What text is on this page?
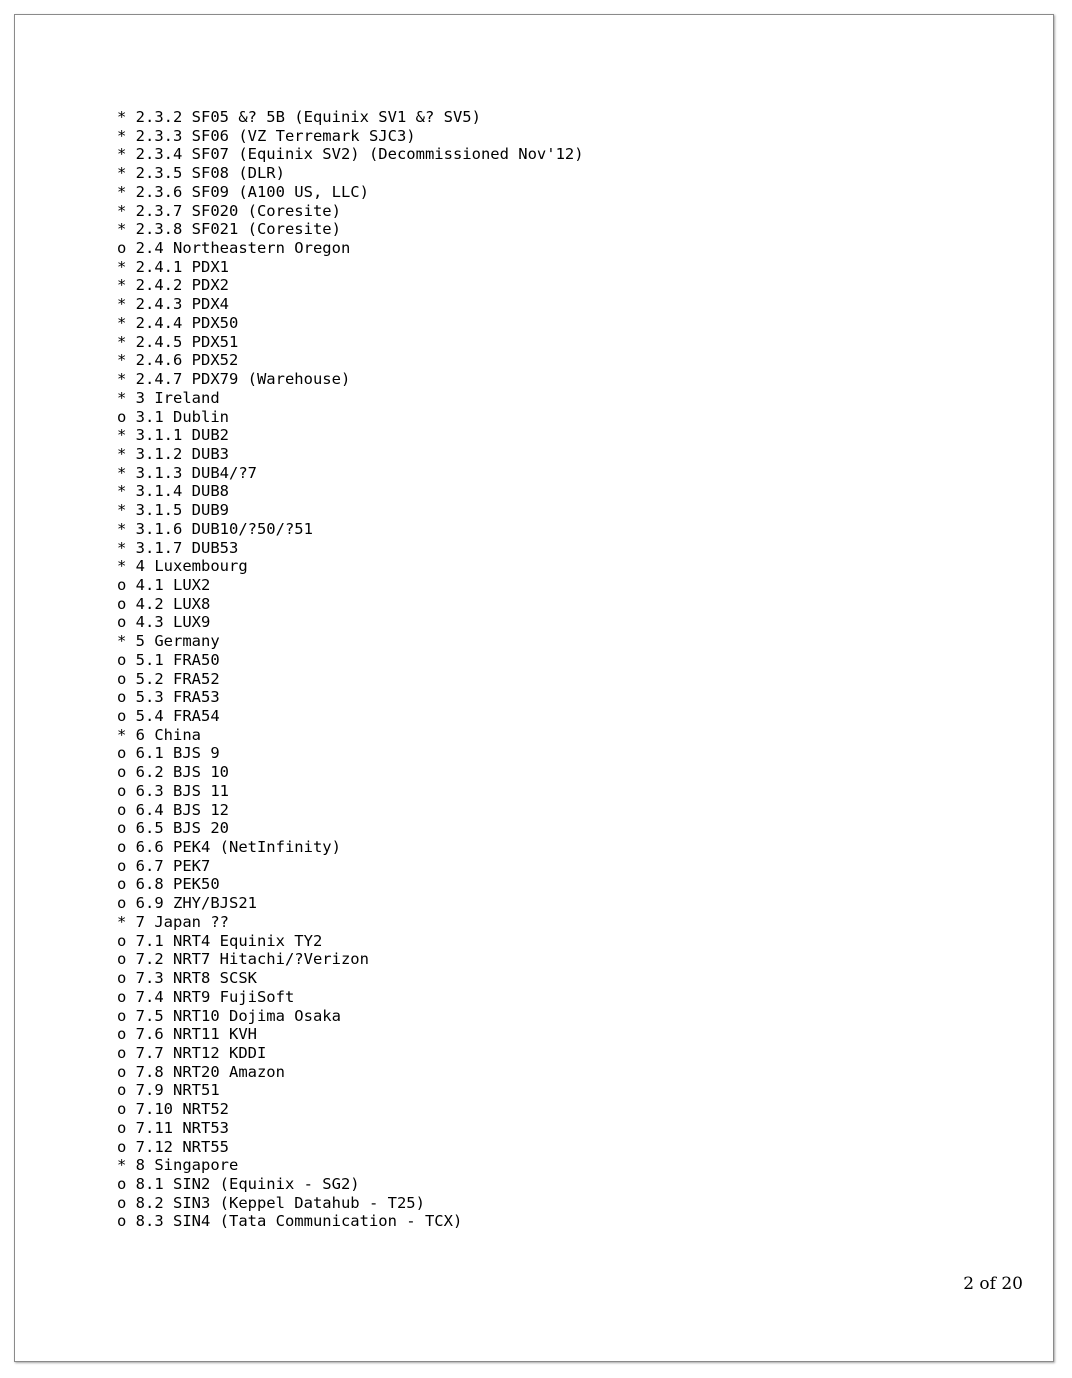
* 2.3.2 SF05 &? 5B (Equinix SV1 &? SV5)
* 2.3.3 SF06 (VZ Terremark SJC3)
* 2.3.4 SF07 (Equinix SV2) (Decommissioned Nov'12)
* 2.3.5 SF08 (DLR)
* 2.3.6 SF09 (A100 US, LLC)
* 2.3.7 SF020 (Coresite)
* 2.3.8 SF021 (Coresite)
o 2.4 Northeastern Oregon
* 2.4.1 PDX1
* 2.4.2 PDX2
* 2.4.3 PDX4
* 2.4.4 PDX50
* 2.4.5 PDX51
* 2.4.6 PDX52
* 2.4.7 PDX79 (Warehouse)
* 3 Ireland
o 3.1 Dublin
* 3.1.1 DUB2
* 3.1.2 DUB3
* 3.1.3 DUB4/?7
* 3.1.4 DUB8
* 3.1.5 DUB9
* 3.1.6 DUB10/?50/?51
* 3.1.7 DUB53
* 4 Luxembourg
o 4.1 LUX2
o 4.2 LUX8
o 4.3 LUX9
* 5 Germany
o 5.1 FRA50
o 5.2 FRA52
o 5.3 FRA53
o 5.4 FRA54
* 6 China
o 6.1 BJS 9
o 6.2 BJS 10
o 6.3 BJS 11
o 6.4 BJS 12
o 6.5 BJS 20
o 6.6 PEK4 (NetInfinity)
o 6.7 PEK7
o 6.8 PEK50
o 6.9 ZHY/BJS21
* 7 Japan ??
o 7.1 NRT4 Equinix TY2
o 7.2 NRT7 Hitachi/?Verizon
o 7.3 NRT8 SCSK
o 7.4 NRT9 FujiSoft
o 7.5 NRT10 Dojima Osaka
o 7.6 NRT11 KVH
o 7.7 NRT12 KDDI
o 7.8 NRT20 Amazon
o 7.9 NRT51
o 7.10 NRT52
o 7.11 NRT53
o 7.12 NRT55
* 8 Singapore
o 8.1 SIN2 (Equinix - SG2)
o 8.2 SIN3 (Keppel Datahub - T25)
o 8.3 SIN4 (Tata Communication - TCX)
2 of 20
